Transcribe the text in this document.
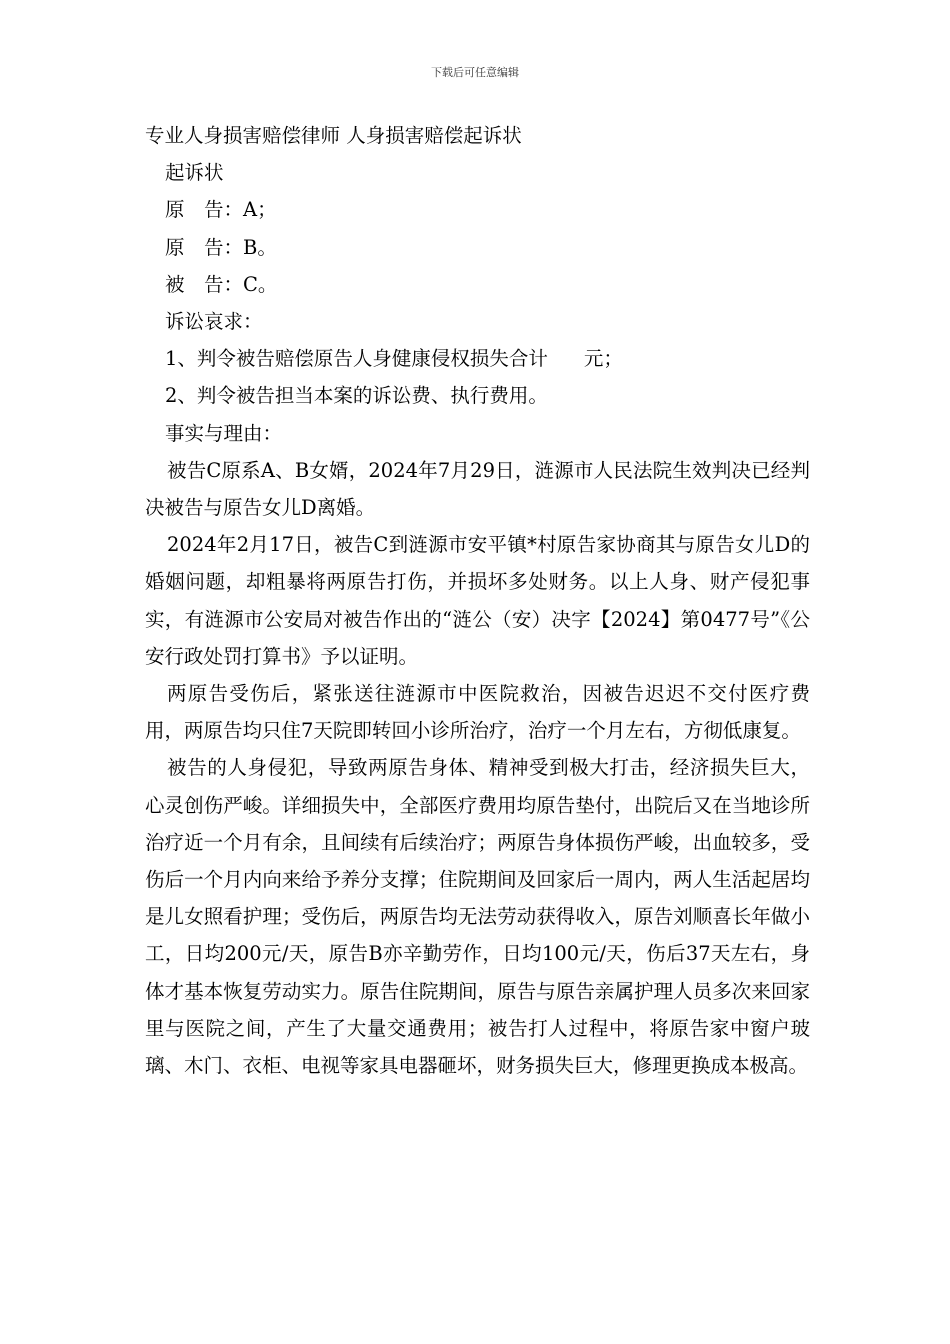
下载后可任意编辑

专业人身损害赔偿律师 人身损害赔偿起诉状

起诉状

原　告：A；

原　告：B。

被　告：C。

诉讼哀求：

1、判令被告赔偿原告人身健康侵权损失合计 元；

2、判令被告担当本案的诉讼费、执行费用。

事实与理由：

被告C原系A、B女婿，2024年7月29日，涟源市人民法院生效判决已经判决被告与原告女儿D离婚。

2024年2月17日，被告C到涟源市安平镇*村原告家协商其与原告女儿D的婚姻问题，却粗暴将两原告打伤，并损坏多处财务。以上人身、财产侵犯事实，有涟源市公安局对被告作出的“涟公（安）决字【2024】第0477号”《公安行政处罚打算书》予以证明。

两原告受伤后，紧张送往涟源市中医院救治，因被告迟迟不交付医疗费用，两原告均只住7天院即转回小诊所治疗，治疗一个月左右，方彻低康复。

被告的人身侵犯，导致两原告身体、精神受到极大打击，经济损失巨大，心灵创伤严峻。详细损失中，全部医疗费用均原告垫付，出院后又在当地诊所治疗近一个月有余，且间续有后续治疗；两原告身体损伤严峻，出血较多，受伤后一个月内向来给予养分支撑；住院期间及回家后一周内，两人生活起居均是儿女照看护理；受伤后，两原告均无法劳动获得收入，原告刘顺喜长年做小工，日均200元/天，原告B亦辛勤劳作，日均100元/天，伤后37天左右，身体才基本恢复劳动实力。原告住院期间，原告与原告亲属护理人员多次来回家里与医院之间，产生了大量交通费用；被告打人过程中，将原告家中窗户玻璃、木门、衣柜、电视等家具电器砸坏，财务损失巨大，修理更换成本极高。
